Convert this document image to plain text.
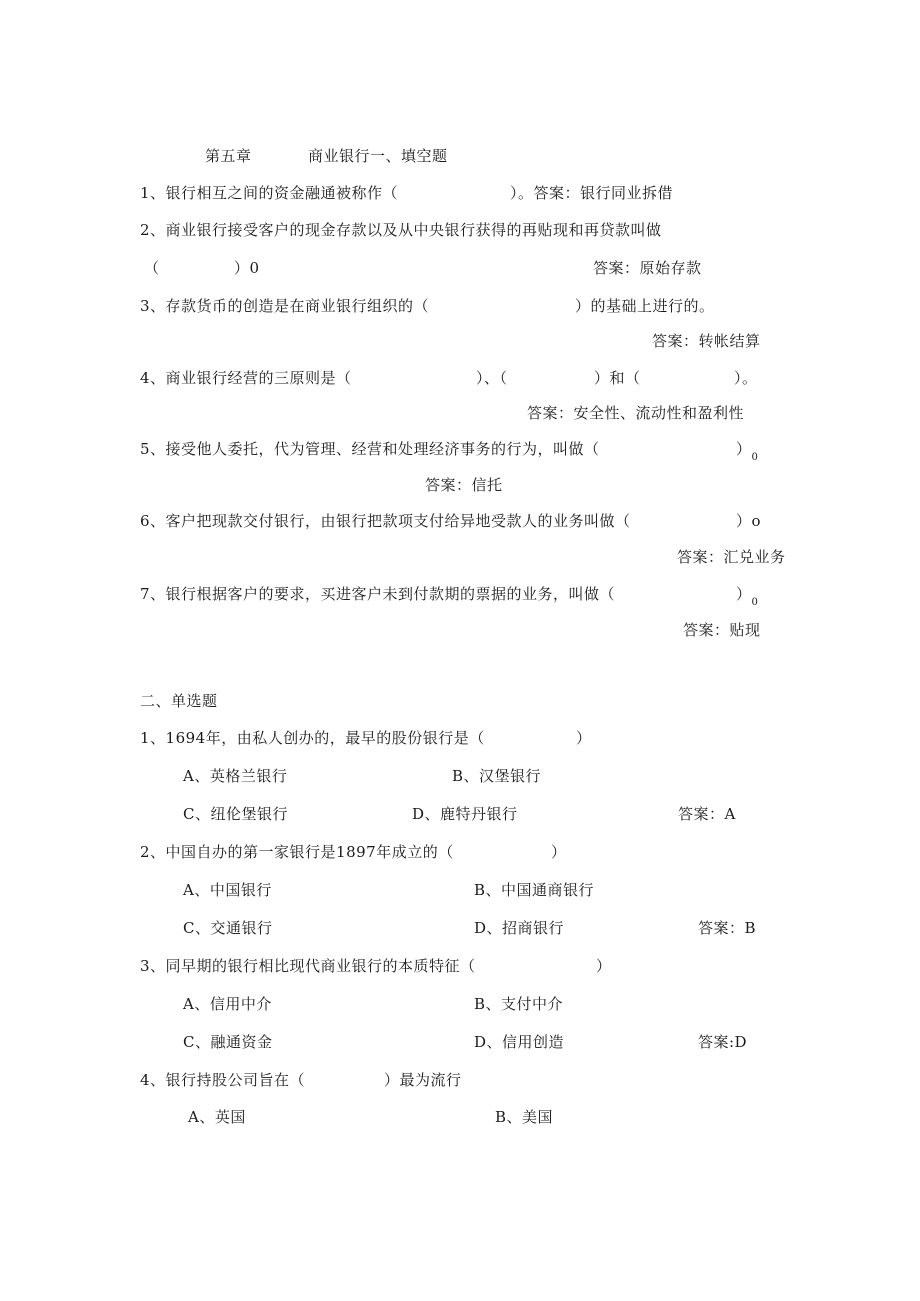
第五章	商业银行一、填空题
1、银行相互之间的资金融通被称作（	）。答案：银行同业拆借
2、商业银行接受客户的现金存款以及从中央银行获得的再贴现和再贷款叫做
（	）0	答案：原始存款
3、存款货币的创造是在商业银行组织的（	）的基础上进行的。
答案：转帐结算
4、商业银行经营的三原则是（	）、（	）和（	）。
答案：安全性、流动性和盈利性
5、接受他人委托，代为管理、经营和处理经济事务的行为，叫做（	）$_0$
答案：信托
6、客户把现款交付银行，由银行把款项支付给异地受款人的业务叫做（	）o
答案：汇兑业务
7、银行根据客户的要求，买进客户未到付款期的票据的业务，叫做（	）$_0$
答案：贴现
二、单选题
1、1694年，由私人创办的，最早的股份银行是（	）
A、英格兰银行	B、汉堡银行
C、纽伦堡银行	D、鹿特丹银行	答案：A
2、中国自办的第一家银行是1897年成立的（	）
A、中国银行	B、中国通商银行
C、交通银行	D、招商银行	答案：B
3、同早期的银行相比现代商业银行的本质特征（	）
A、信用中介	B、支付中介
C、融通资金	D、信用创造	答案:D
4、银行持股公司旨在（	）最为流行
A、英国	B、美国
